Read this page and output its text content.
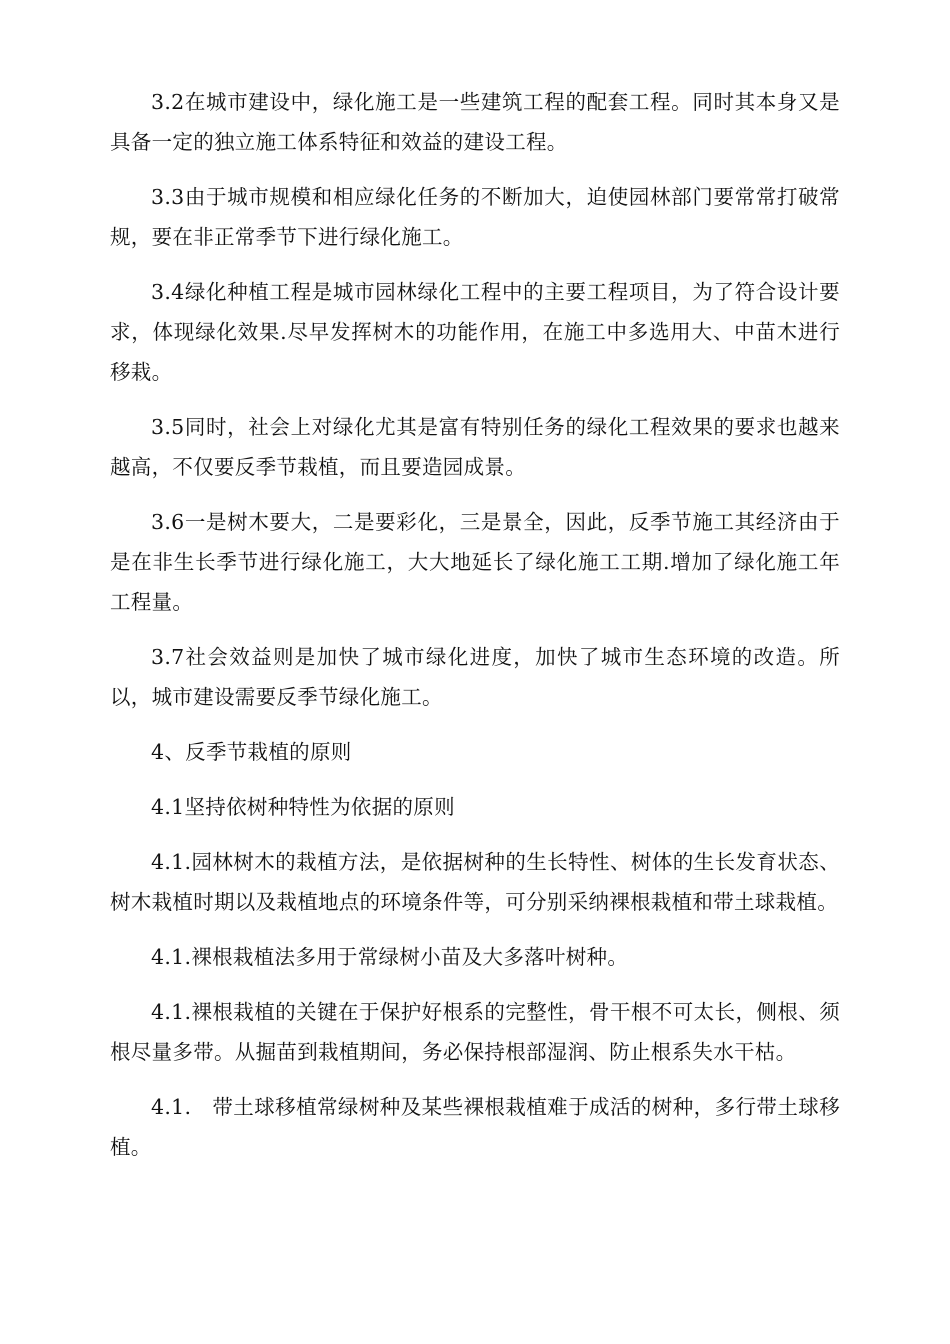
3.2在城市建设中，绿化施工是一些建筑工程的配套工程。同时其本身又是具备一定的独立施工体系特征和效益的建设工程。

3.3由于城市规模和相应绿化任务的不断加大，迫使园林部门要常常打破常规，要在非正常季节下进行绿化施工。

3.4绿化种植工程是城市园林绿化工程中的主要工程项目，为了符合设计要求，体现绿化效果.尽早发挥树木的功能作用，在施工中多选用大、中苗木进行移栽。

3.5同时，社会上对绿化尤其是富有特别任务的绿化工程效果的要求也越来越高，不仅要反季节栽植，而且要造园成景。

3.6一是树木要大，二是要彩化，三是景全，因此，反季节施工其经济由于是在非生长季节进行绿化施工，大大地延长了绿化施工工期.增加了绿化施工年工程量。

3.7社会效益则是加快了城市绿化进度，加快了城市生态环境的改造。所以，城市建设需要反季节绿化施工。

4、反季节栽植的原则

4.1坚持依树种特性为依据的原则

4.1.园林树木的栽植方法，是依据树种的生长特性、树体的生长发育状态、树木栽植时期以及栽植地点的环境条件等，可分别采纳裸根栽植和带土球栽植。

4.1.裸根栽植法多用于常绿树小苗及大多落叶树种。

4.1.裸根栽植的关键在于保护好根系的完整性，骨干根不可太长，侧根、须根尽量多带。从掘苗到栽植期间，务必保持根部湿润、防止根系失水干枯。

4.1.　带土球移植常绿树种及某些裸根栽植难于成活的树种，多行带土球移植。
